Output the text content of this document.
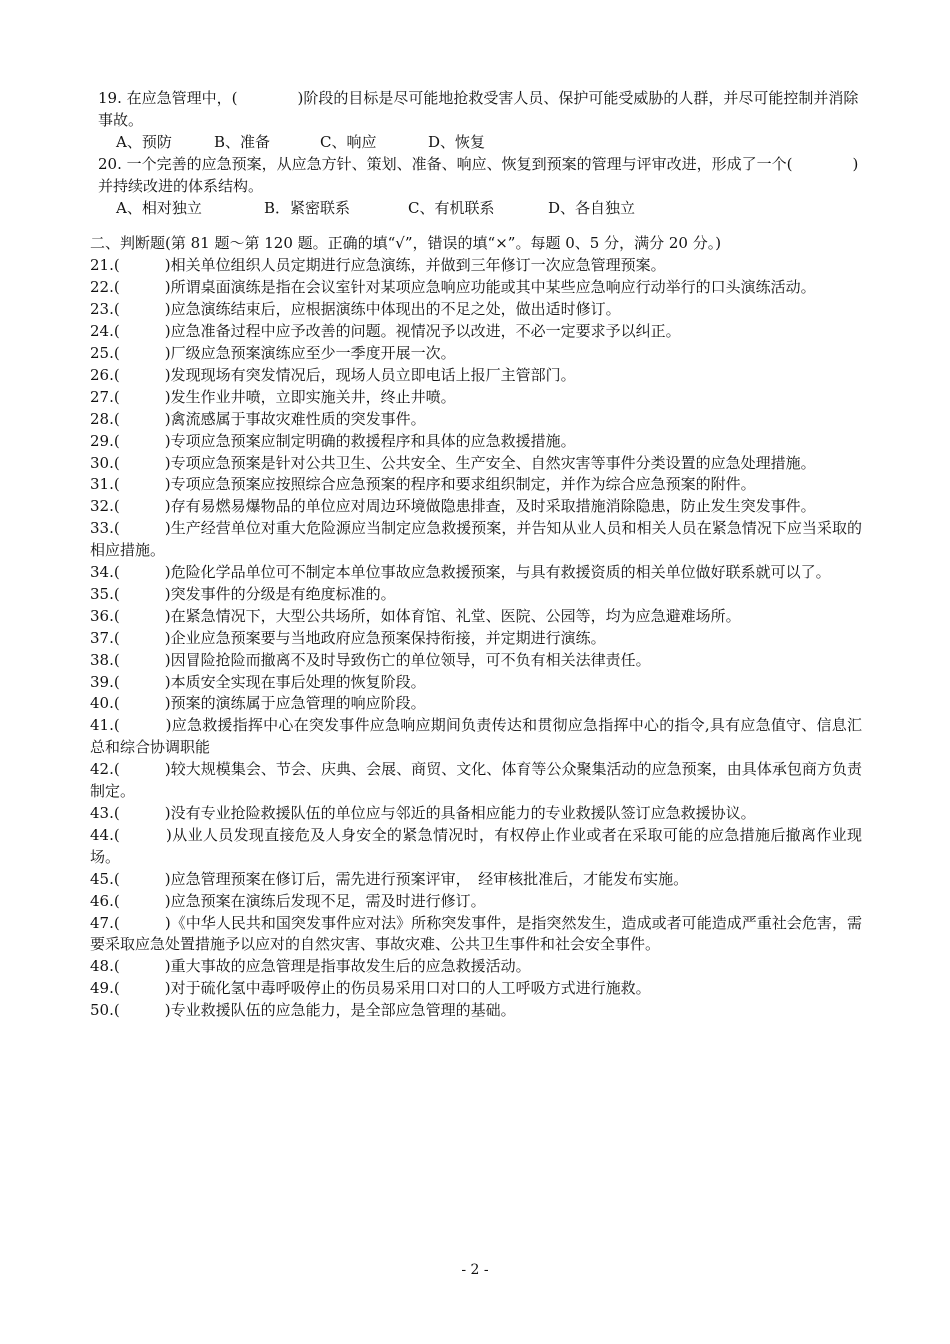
19. 在应急管理中，(　　　　)阶段的目标是尽可能地抢救受害人员、保护可能受威胁的人群，并尽可能控制并消除事故。

A、预防	B、准备	C、响应	D、恢复

20. 一个完善的应急预案，从应急方针、策划、准备、响应、恢复到预案的管理与评审改进，形成了一个(　　　　)并持续改进的体系结构。

A、相对独立	B．紧密联系	C、有机联系	D、各自独立

二、判断题(第 81 题～第 120 题。正确的填“√”，错误的填“×”。每题 0、5 分，满分 20 分。)

21.(　　　)相关单位组织人员定期进行应急演练，并做到三年修订一次应急管理预案。

22.(　　　)所谓桌面演练是指在会议室针对某项应急响应功能或其中某些应急响应行动举行的口头演练活动。

23.(　　　)应急演练结束后，应根据演练中体现出的不足之处，做出适时修订。

24.(　　　)应急准备过程中应予改善的问题。视情况予以改进，不必一定要求予以纠正。

25.(　　　)厂级应急预案演练应至少一季度开展一次。

26.(　　　)发现现场有突发情况后，现场人员立即电话上报厂主管部门。

27.(　　　)发生作业井喷，立即实施关井，终止井喷。

28.(　　　)禽流感属于事故灾难性质的突发事件。

29.(　　　)专项应急预案应制定明确的救援程序和具体的应急救援措施。

30.(　　　)专项应急预案是针对公共卫生、公共安全、生产安全、自然灾害等事件分类设置的应急处理措施。

31.(　　　)专项应急预案应按照综合应急预案的程序和要求组织制定，并作为综合应急预案的附件。

32.(　　　)存有易燃易爆物品的单位应对周边环境做隐患排查，及时采取措施消除隐患，防止发生突发事件。

33.(　　　)生产经营单位对重大危险源应当制定应急救援预案，并告知从业人员和相关人员在紧急情况下应当采取的相应措施。

34.(　　　)危险化学品单位可不制定本单位事故应急救援预案，与具有救援资质的相关单位做好联系就可以了。

35.(　　　)突发事件的分级是有绝度标准的。

36.(　　　)在紧急情况下，大型公共场所，如体育馆、礼堂、医院、公园等，均为应急避难场所。

37.(　　　)企业应急预案要与当地政府应急预案保持衔接，并定期进行演练。

38.(　　　)因冒险抢险而撤离不及时导致伤亡的单位领导，可不负有相关法律责任。

39.(　　　)本质安全实现在事后处理的恢复阶段。

40.(　　　)预案的演练属于应急管理的响应阶段。

41.(　　　)应急救援指挥中心在突发事件应急响应期间负责传达和贯彻应急指挥中心的指令,具有应急值守、信息汇总和综合协调职能

42.(　　　)较大规模集会、节会、庆典、会展、商贸、文化、体育等公众聚集活动的应急预案，由具体承包商方负责制定。

43.(　　　)没有专业抢险救援队伍的单位应与邻近的具备相应能力的专业救援队签订应急救援协议。

44.(　　　)从业人员发现直接危及人身安全的紧急情况时，有权停止作业或者在采取可能的应急措施后撤离作业现场。

45.(　　　)应急管理预案在修订后，需先进行预案评审，　经审核批准后，才能发布实施。

46.(　　　)应急预案在演练后发现不足，需及时进行修订。

47.(　　　)《中华人民共和国突发事件应对法》所称突发事件，是指突然发生，造成或者可能造成严重社会危害，需要采取应急处置措施予以应对的自然灾害、事故灾难、公共卫生事件和社会安全事件。

48.(　　　)重大事故的应急管理是指事故发生后的应急救援活动。

49.(　　　)对于硫化氢中毒呼吸停止的伤员易采用口对口的人工呼吸方式进行施救。

50.(　　　)专业救援队伍的应急能力，是全部应急管理的基础。

- 2 -
